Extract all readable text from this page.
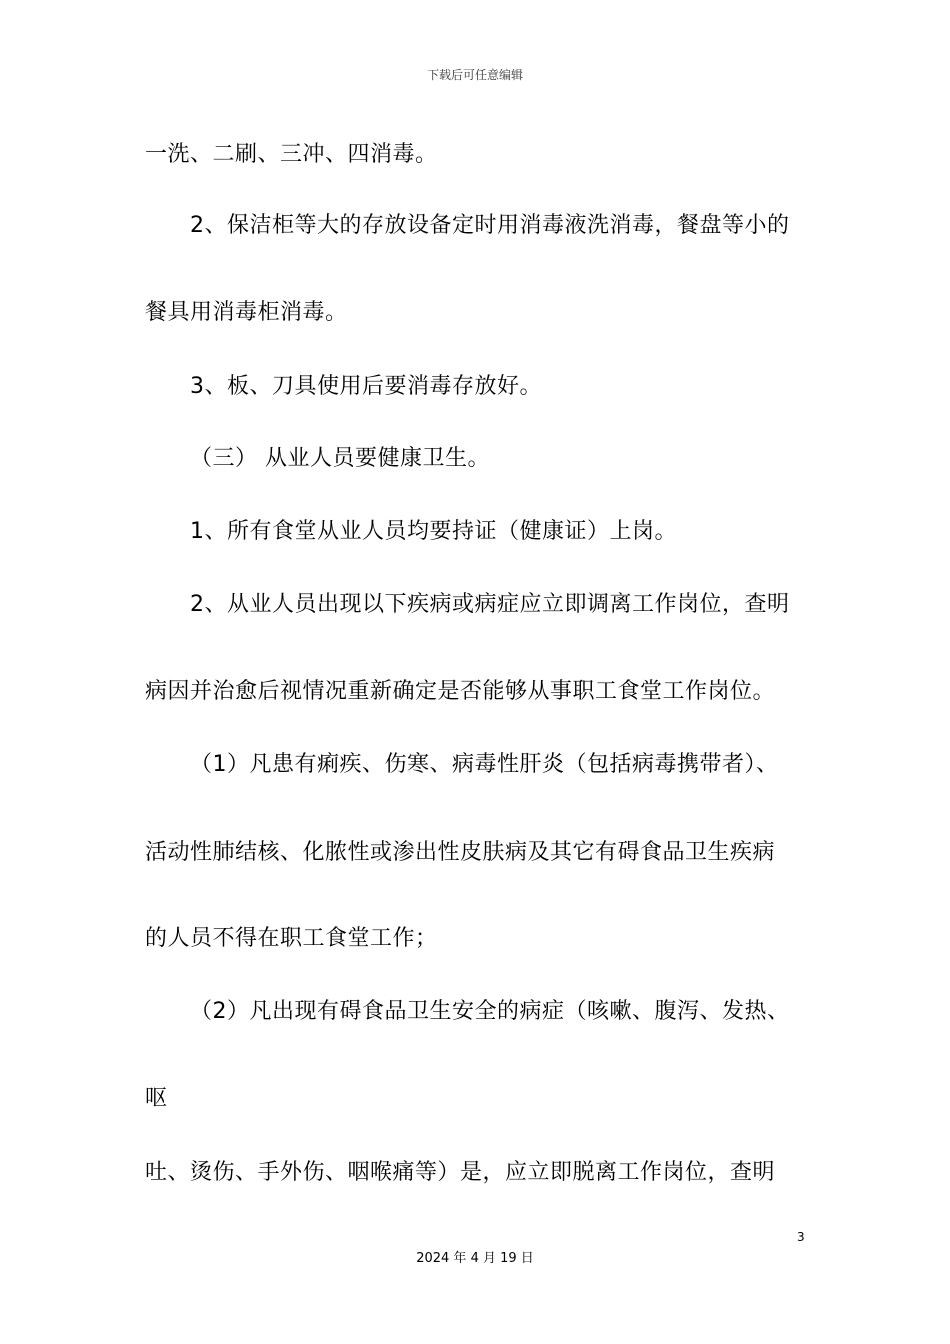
下载后可任意编辑
一洗、二刷、三冲、四消毒。
2、保洁柜等大的存放设备定时用消毒液洗消毒，餐盘等小的
餐具用消毒柜消毒。
3、板、刀具使用后要消毒存放好。
（三） 从业人员要健康卫生。
1、所有食堂从业人员均要持证（健康证）上岗。
2、从业人员出现以下疾病或病症应立即调离工作岗位，查明
病因并治愈后视情况重新确定是否能够从事职工食堂工作岗位。
（1）凡患有痢疾、伤寒、病毒性肝炎（包括病毒携带者）、
活动性肺结核、化脓性或渗出性皮肤病及其它有碍食品卫生疾病
的人员不得在职工食堂工作；
（2）凡出现有碍食品卫生安全的病症（咳嗽、腹泻、发热、
呕
吐、烫伤、手外伤、咽喉痛等）是，应立即脱离工作岗位，查明
3
2024 年 4 月 19 日
